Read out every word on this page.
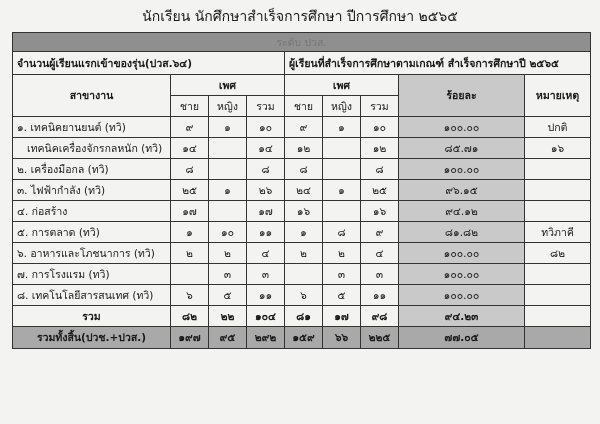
นักเรียน นักศึกษาสำเร็จการศึกษา ปีการศึกษา ๒๕๖๕
ระดับ ปวส.								
จำนวนผู้เรียนแรกเข้าของรุ่น(ปวส.๖๔)				ผู้เรียนที่สำเร็จการศึกษาตามเกณฑ์ สำเร็จการศึกษาปี ๒๕๖๕				
สาขางาน	เพศ			เพศ			ร้อยละ	หมายเหตุ
	ชาย	หญิง	รวม	ชาย	หญิง	รวม		
๑. เทคนิคยานยนต์ (ทวิ)	๙	๑	๑๐	๙	๑	๑๐	๑๐๐.๐๐	ปกติ
เทคนิคเครื่องจักรกลหนัก (ทวิ)	๑๔		๑๔	๑๒		๑๒	๘๕.๗๑	๑๖
๒. เครื่องมือกล (ทวิ)	๘		๘	๘		๘	๑๐๐.๐๐	
๓. ไฟฟ้ากำลัง (ทวิ)	๒๕	๑	๒๖	๒๔	๑	๒๕	๙๖.๑๕	
๔. ก่อสร้าง	๑๗		๑๗	๑๖		๑๖	๙๔.๑๒	
๕. การตลาด (ทวิ)	๑	๑๐	๑๑	๑	๘	๙	๘๑.๘๒	ทวิภาคี
๖. อาหารและโภชนาการ (ทวิ)	๒	๒	๔	๒	๒	๔	๑๐๐.๐๐	๘๒
๗. การโรงแรม (ทวิ)		๓	๓		๓	๓	๑๐๐.๐๐	
๘. เทคโนโลยีสารสนเทศ (ทวิ)	๖	๕	๑๑	๖	๕	๑๑	๑๐๐.๐๐	
รวม	๘๒	๒๒	๑๐๔	๘๑	๑๗	๙๘	๙๔.๒๓	
รวมทั้งสิ้น(ปวช.+ปวส.)	๑๙๗	๙๕	๒๙๒	๑๕๙	๖๖	๒๒๕	๗๗.๐๕	
